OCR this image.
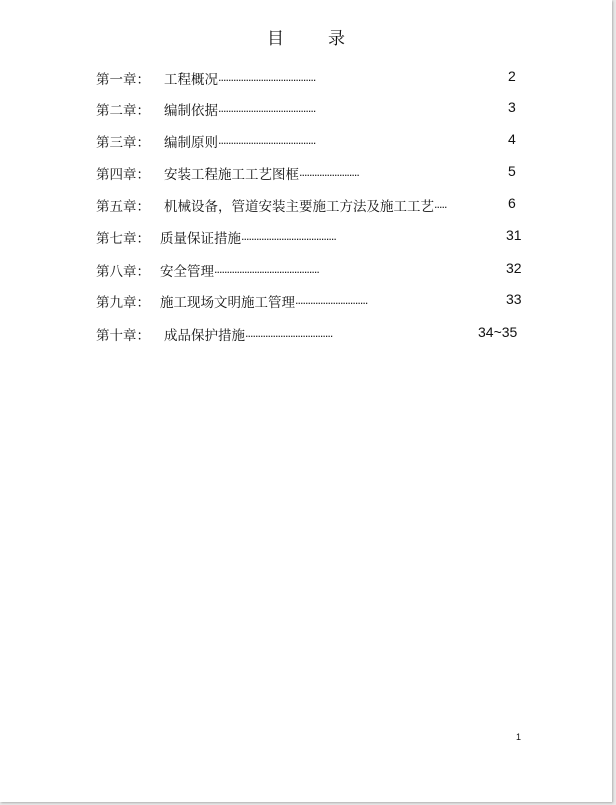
目	录
第一章： 工程概况·······································	2
第二章： 编制依据·······································	3
第三章： 编制原则·······································	4
第四章： 安装工程施工工艺图框························	5
第五章： 机械设备，管道安装主要施工方法及施工工艺·····	6
第七章： 质量保证措施······································	31
第八章： 安全管理··········································	32
第九章： 施工现场文明施工管理·····························	33
第十章： 成品保护措施···································	34~35
1
